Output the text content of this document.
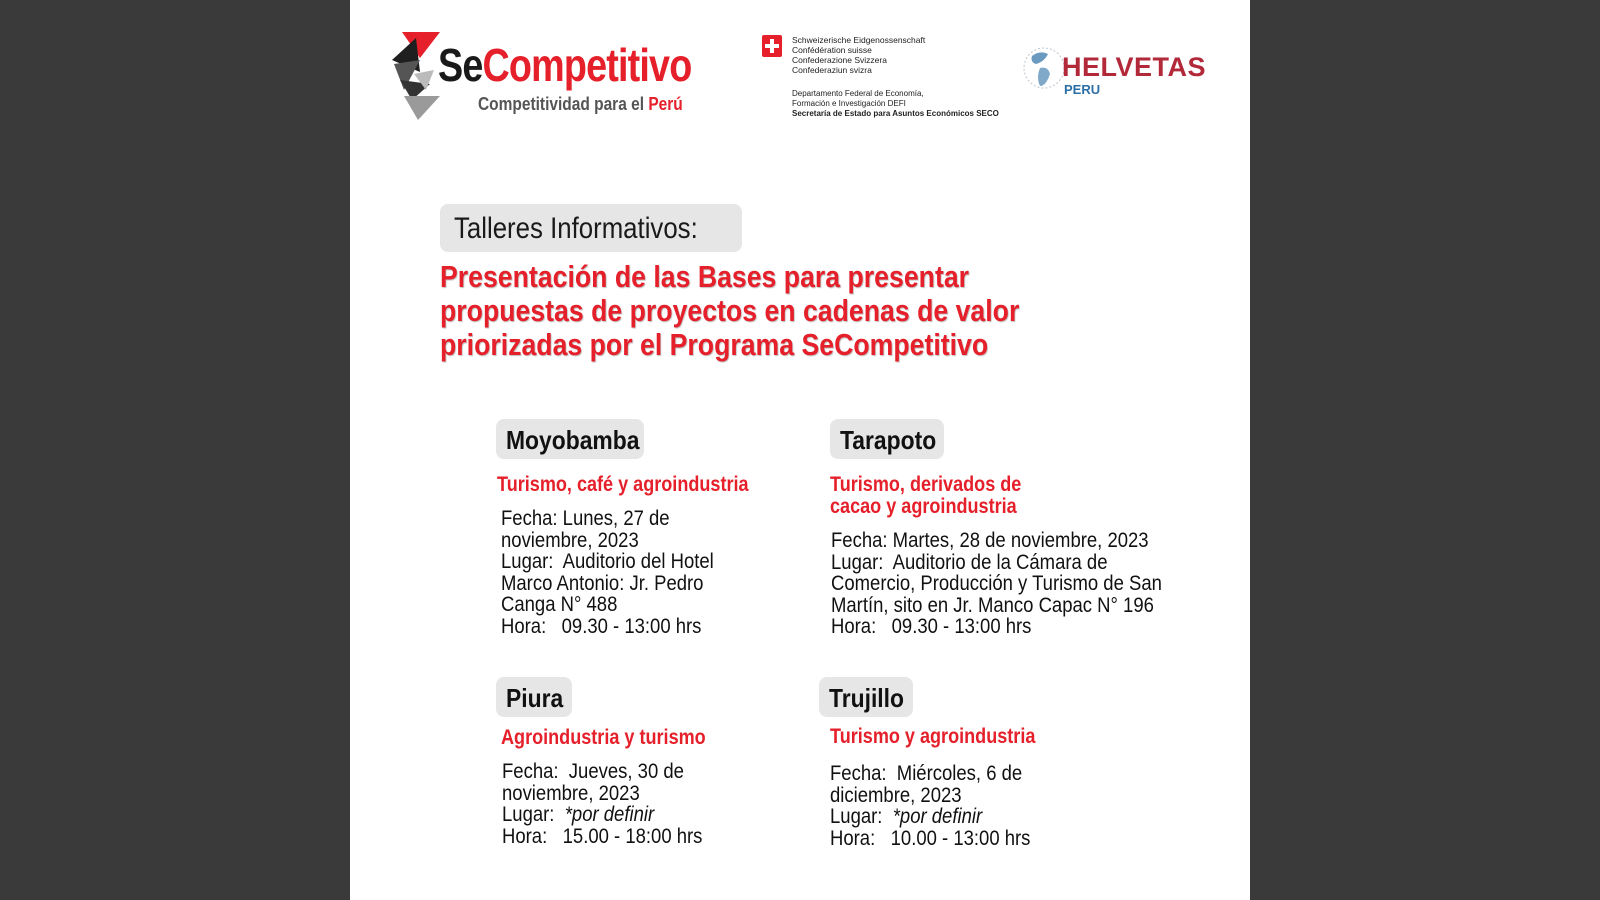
SeCompetitivo
Competitividad para el Perú
Schweizerische Eidgenossenschaft
Confédération suisse
Confederazione Svizzera
Confederaziun svizra
Departamento Federal de Economía,
Formación e Investigación DEFI
Secretaría de Estado para Asuntos Económicos SECO
HELVETAS
PERU
Talleres Informativos:
Presentación de las Bases para presentar
propuestas de proyectos en cadenas de valor
priorizadas por el Programa SeCompetitivo
Moyobamba
Turismo, café y agroindustria
Fecha: Lunes, 27 de
noviembre, 2023
Lugar:  Auditorio del Hotel
Marco Antonio: Jr. Pedro
Canga N° 488
Hora:   09.30 - 13:00 hrs
Tarapoto
Turismo, derivados de
cacao y agroindustria
Fecha: Martes, 28 de noviembre, 2023
Lugar:  Auditorio de la Cámara de
Comercio, Producción y Turismo de San
Martín, sito en Jr. Manco Capac N° 196
Hora:   09.30 - 13:00 hrs
Piura
Agroindustria y turismo
Fecha:  Jueves, 30 de
noviembre, 2023
Lugar:  *por definir
Hora:   15.00 - 18:00 hrs
Trujillo
Turismo y agroindustria
Fecha:  Miércoles, 6 de
diciembre, 2023
Lugar:  *por definir
Hora:   10.00 - 13:00 hrs
